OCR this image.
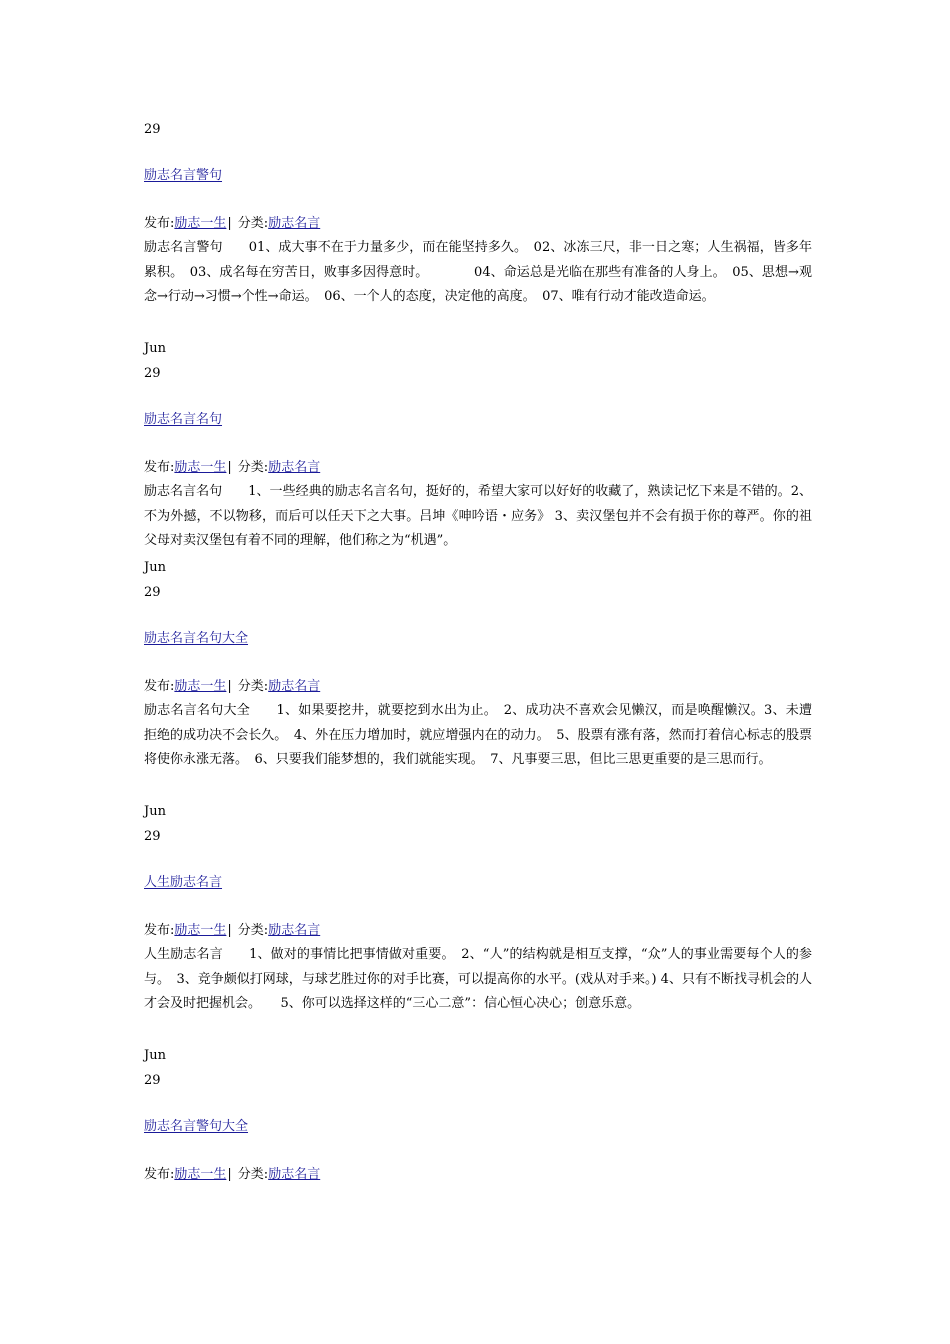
29
励志名言警句
发布:励志一生| 分类:励志名言
励志名言警句　　01、成大事不在于力量多少，而在能坚持多久。　02、冰冻三尺，非一日之寒；人生祸福，皆多年累积。　03、成名每在穷苦日，败事多因得意时。　　　　04、命运总是光临在那些有准备的人身上。　05、思想→观念→行动→习惯→个性→命运。　06、一个人的态度，决定他的高度。　07、唯有行动才能改造命运。
Jun
29
励志名言名句
发布:励志一生| 分类:励志名言
励志名言名句　　1、一些经典的励志名言名句，挺好的，希望大家可以好好的收藏了，熟读记忆下来是不错的。2、不为外撼，不以物移，而后可以任天下之大事。吕坤《呻吟语・应务》 3、卖汉堡包并不会有损于你的尊严。你的祖父母对卖汉堡包有着不同的理解，他们称之为“机遇”。
Jun
29
励志名言名句大全
发布:励志一生| 分类:励志名言
励志名言名句大全　　1、如果要挖井，就要挖到水出为止。　2、成功决不喜欢会见懒汉，而是唤醒懒汉。3、未遭拒绝的成功决不会长久。　4、外在压力增加时，就应增强内在的动力。　5、股票有涨有落，然而打着信心标志的股票将使你永涨无落。　6、只要我们能梦想的，我们就能实现。　7、凡事要三思，但比三思更重要的是三思而行。
Jun
29
人生励志名言
发布:励志一生| 分类:励志名言
人生励志名言　　1、做对的事情比把事情做对重要。　2、“人”的结构就是相互支撑，“众”人的事业需要每个人的参与。　3、竞争颇似打网球，与球艺胜过你的对手比赛，可以提高你的水平。(戏从对手来。) 4、只有不断找寻机会的人才会及时把握机会。　　5、你可以选择这样的“三心二意”：信心恒心决心；创意乐意。
Jun
29
励志名言警句大全
发布:励志一生| 分类:励志名言
